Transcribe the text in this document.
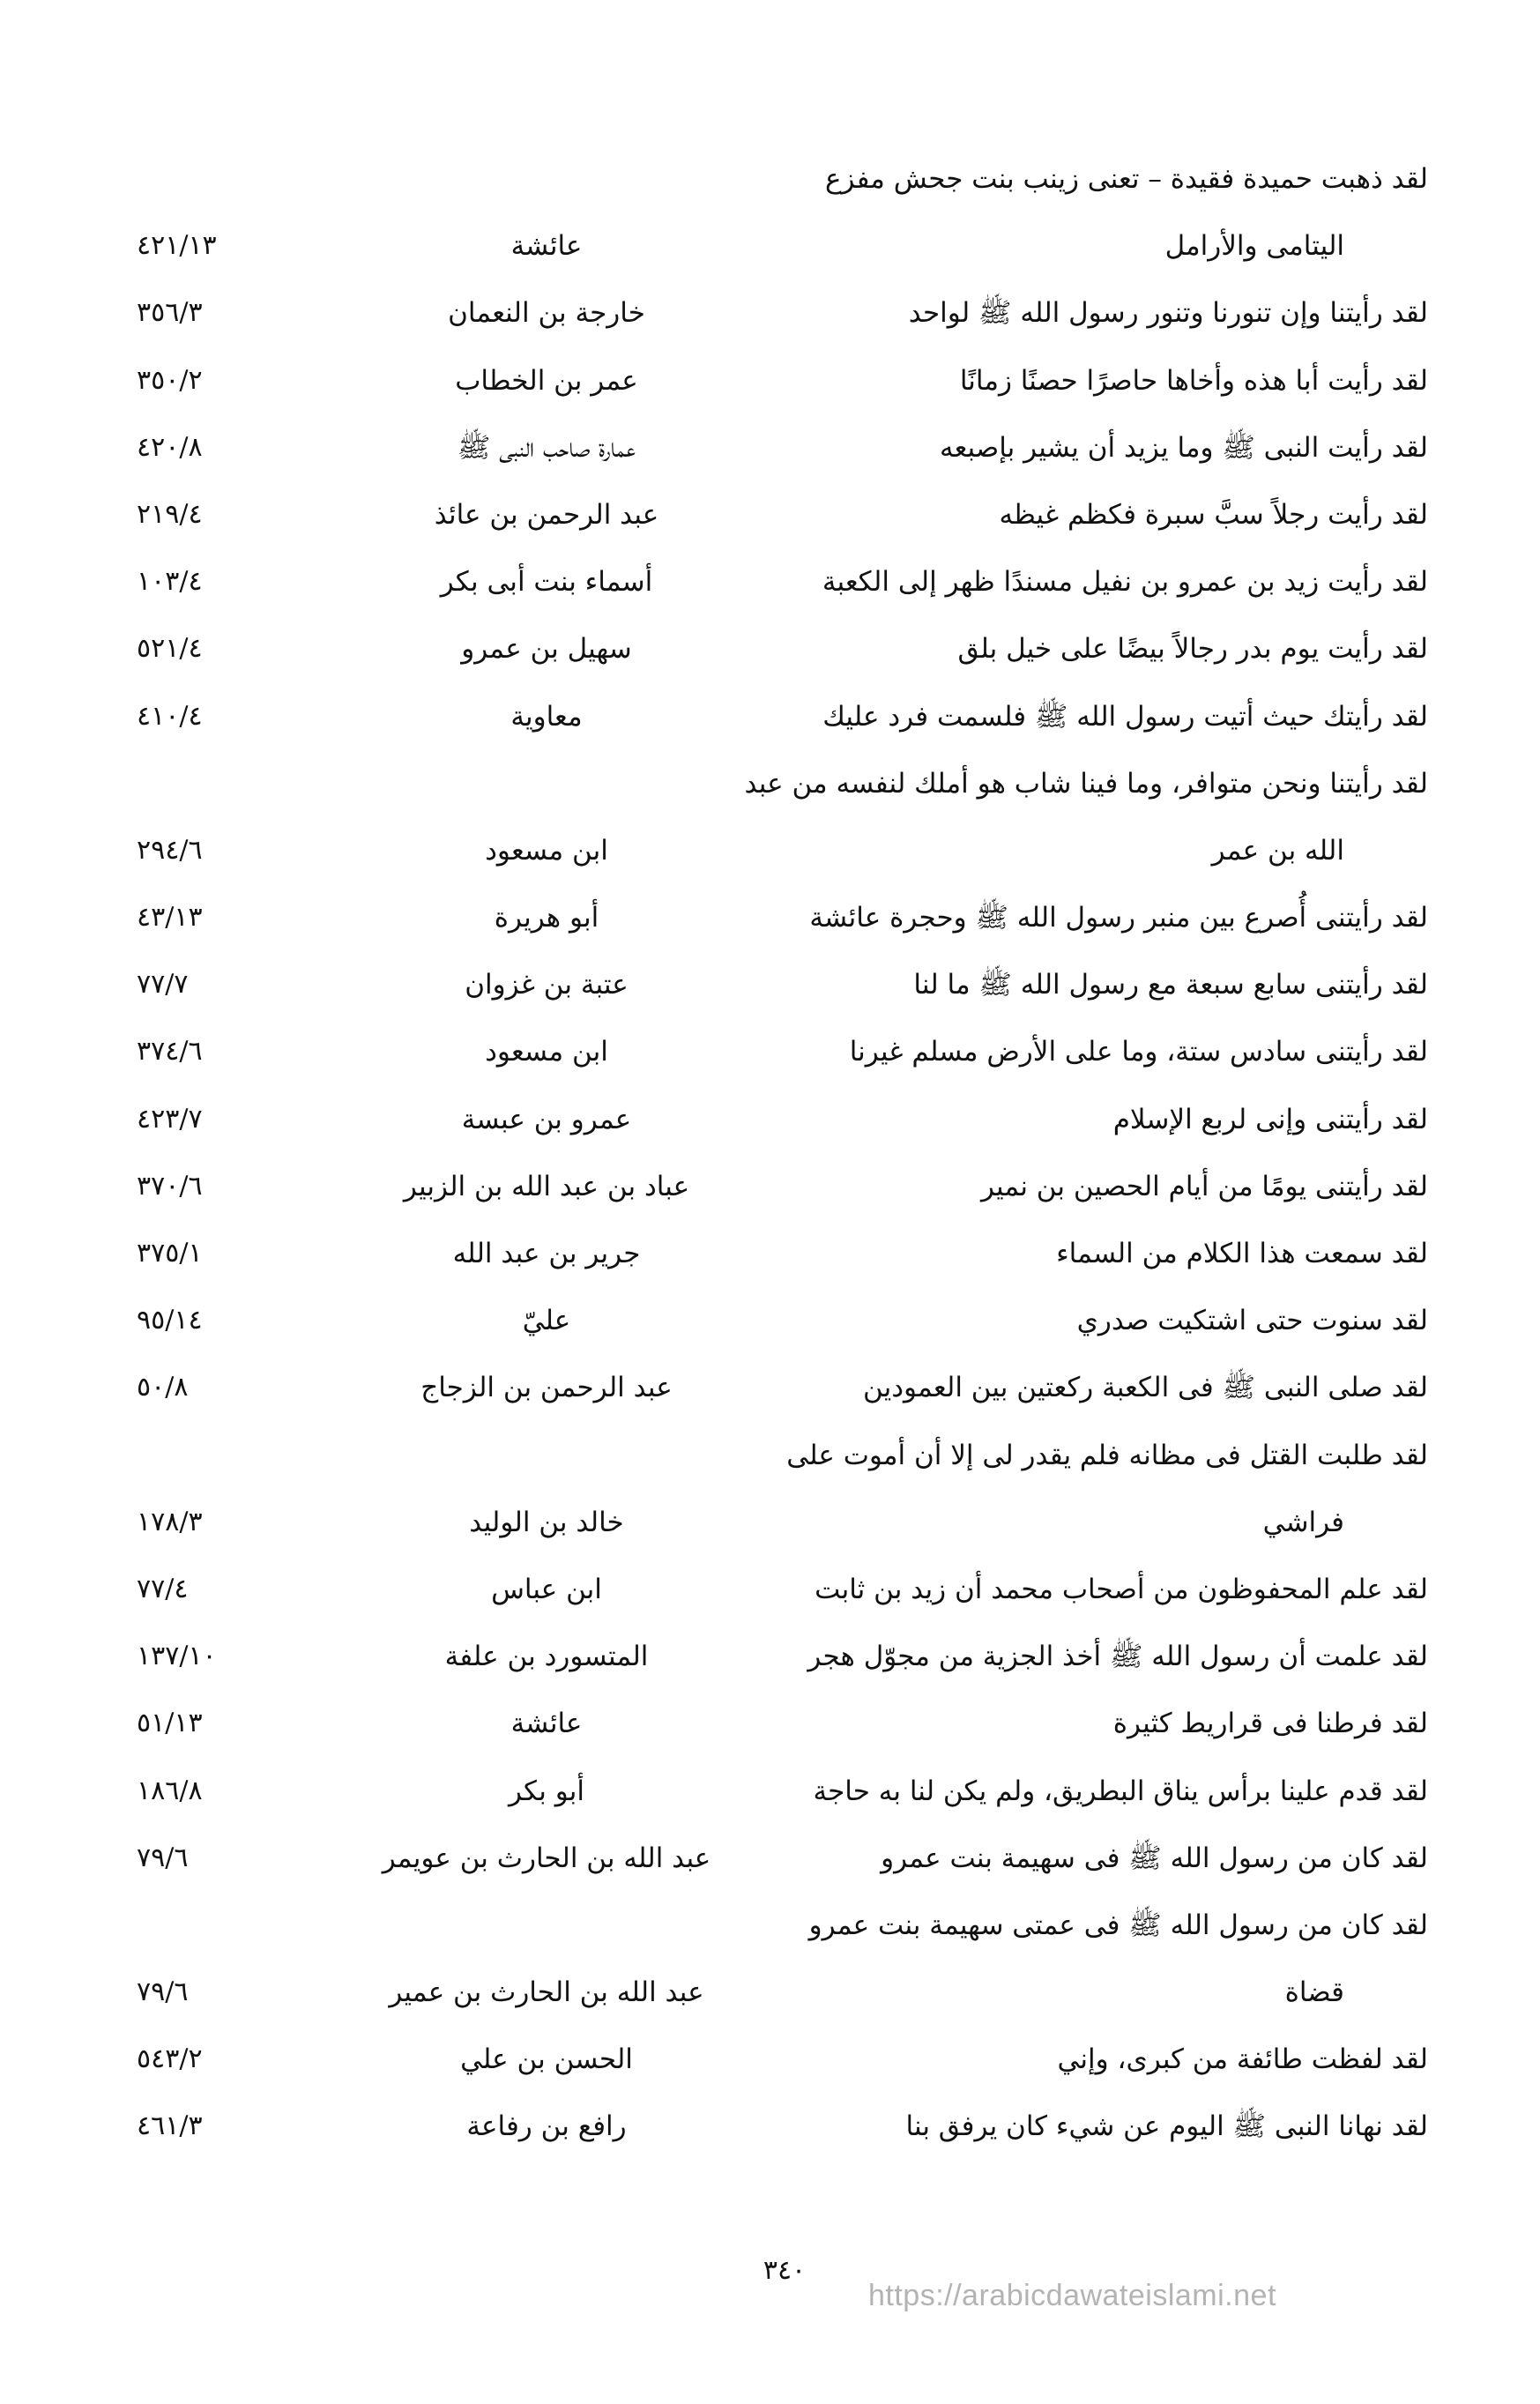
لقد ذهبت حميدة فقيدة – تعنى زينب بنت جحش مفزع
اليتامى والأرامل
عائشة
٤٢١/١٣
لقد رأيتنا وإن تنورنا وتنور رسول الله ﷺ لواحد
خارجة بن النعمان
٣٥٦/٣
لقد رأيت أبا هذه وأخاها حاصرًا حصنًا زمانًا
عمر بن الخطاب
٣٥٠/٢
لقد رأيت النبى ﷺ وما يزيد أن يشير بإصبعه
عمارة صاحب النبى ﷺ
٤٢٠/٨
لقد رأيت رجلاً سبَّ سبرة فكظم غيظه
عبد الرحمن بن عائذ
٢١٩/٤
لقد رأيت زيد بن عمرو بن نفيل مسندًا ظهر إلى الكعبة
أسماء بنت أبى بكر
١٠٣/٤
لقد رأيت يوم بدر رجالاً بيضًا على خيل بلق
سهيل بن عمرو
٥٢١/٤
لقد رأيتك حيث أتيت رسول الله ﷺ فلسمت فرد عليك
معاوية
٤١٠/٤
لقد رأيتنا ونحن متوافر، وما فينا شاب هو أملك لنفسه من عبد
الله بن عمر
ابن مسعود
٢٩٤/٦
لقد رأيتنى أُصرع بين منبر رسول الله ﷺ وحجرة عائشة
أبو هريرة
٤٣/١٣
لقد رأيتنى سابع سبعة مع رسول الله ﷺ ما لنا
عتبة بن غزوان
٧٧/٧
لقد رأيتنى سادس ستة، وما على الأرض مسلم غيرنا
ابن مسعود
٣٧٤/٦
لقد رأيتنى وإنى لربع الإسلام
عمرو بن عبسة
٤٢٣/٧
لقد رأيتنى يومًا من أيام الحصين بن نمير
عباد بن عبد الله بن الزبير
٣٧٠/٦
لقد سمعت هذا الكلام من السماء
جرير بن عبد الله
٣٧٥/١
لقد سنوت حتى اشتكيت صدري
عليّ
٩٥/١٤
لقد صلى النبى ﷺ فى الكعبة ركعتين بين العمودين
عبد الرحمن بن الزجاج
٥٠/٨
لقد طلبت القتل فى مظانه فلم يقدر لى إلا أن أموت على
فراشي
خالد بن الوليد
١٧٨/٣
لقد علم المحفوظون من أصحاب محمد أن زيد بن ثابت
ابن عباس
٧٧/٤
لقد علمت أن رسول الله ﷺ أخذ الجزية من مجوّل هجر
المتسورد بن علفة
١٣٧/١٠
لقد فرطنا فى قراريط كثيرة
عائشة
٥١/١٣
لقد قدم علينا برأس يناق البطريق، ولم يكن لنا به حاجة
أبو بكر
١٨٦/٨
لقد كان من رسول الله ﷺ فى سهيمة بنت عمرو
عبد الله بن الحارث بن عويمر
٧٩/٦
لقد كان من رسول الله ﷺ فى عمتى سهيمة بنت عمرو
قضاة
عبد الله بن الحارث بن عمير
٧٩/٦
لقد لفظت طائفة من كبرى، وإني
الحسن بن علي
٥٤٣/٢
لقد نهانا النبى ﷺ اليوم عن شيء كان يرفق بنا
رافع بن رفاعة
٤٦١/٣
٣٤٠
https://arabicdawateislami.net
